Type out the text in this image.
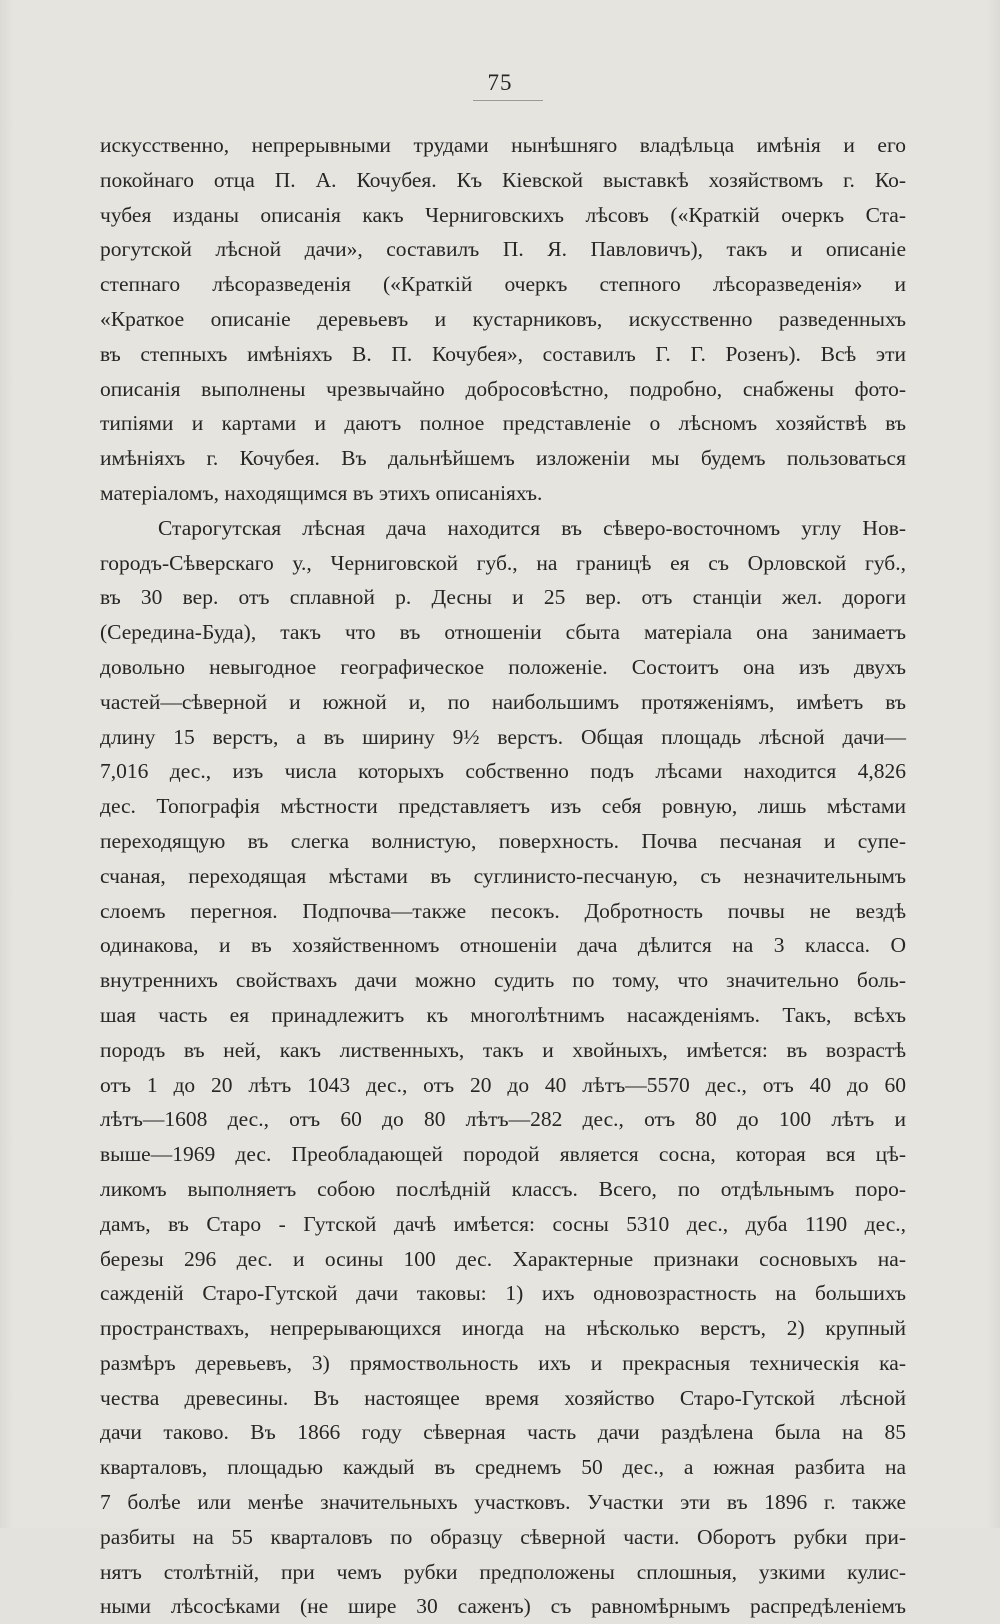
75
искусственно, непрерывными трудами нынѣшняго владѣльца имѣнія и его
покойнаго отца П. А. Кочубея. Къ Кіевской выставкѣ хозяйствомъ г. Ко-
чубея изданы описанія какъ Черниговскихъ лѣсовъ («Краткій очеркъ Ста-
рогутской лѣсной дачи», составилъ П. Я. Павловичъ), такъ и описаніе
степнаго лѣсоразведенія («Краткій очеркъ степного лѣсоразведенія» и
«Краткое описаніе деревьевъ и кустарниковъ, искусственно разведенныхъ
въ степныхъ имѣніяхъ В. П. Кочубея», составилъ Г. Г. Розенъ). Всѣ эти
описанія выполнены чрезвычайно добросовѣстно, подробно, снабжены фото-
типіями и картами и даютъ полное представленіе о лѣсномъ хозяйствѣ въ
имѣніяхъ г. Кочубея. Въ дальнѣйшемъ изложеніи мы будемъ пользоваться
матеріаломъ, находящимся въ этихъ описаніяхъ.
Старогутская лѣсная дача находится въ сѣверо-восточномъ углу Нов-
городъ-Сѣверскаго у., Черниговской губ., на границѣ ея съ Орловской губ.,
въ 30 вер. отъ сплавной р. Десны и 25 вер. отъ станціи жел. дороги
(Середина-Буда), такъ что въ отношеніи сбыта матеріала она занимаетъ
довольно невыгодное географическое положеніе. Состоитъ она изъ двухъ
частей—сѣверной и южной и, по наибольшимъ протяженіямъ, имѣетъ въ
длину 15 верстъ, а въ ширину 9½ верстъ. Общая площадь лѣсной дачи—
7,016 дес., изъ числа которыхъ собственно подъ лѣсами находится 4,826
дес. Топографія мѣстности представляетъ изъ себя ровную, лишь мѣстами
переходящую въ слегка волнистую, поверхность. Почва песчаная и супе-
счаная, переходящая мѣстами въ суглинисто-песчаную, съ незначительнымъ
слоемъ перегноя. Подпочва—также песокъ. Добротность почвы не вездѣ
одинакова, и въ хозяйственномъ отношеніи дача дѣлится на 3 класса. О
внутреннихъ свойствахъ дачи можно судить по тому, что значительно боль-
шая часть ея принадлежитъ къ многолѣтнимъ насажденіямъ. Такъ, всѣхъ
породъ въ ней, какъ лиственныхъ, такъ и хвойныхъ, имѣется: въ возрастѣ
отъ 1 до 20 лѣтъ 1043 дес., отъ 20 до 40 лѣтъ—5570 дес., отъ 40 до 60
лѣтъ—1608 дес., отъ 60 до 80 лѣтъ—282 дес., отъ 80 до 100 лѣтъ и
выше—1969 дес. Преобладающей породой является сосна, которая вся цѣ-
ликомъ выполняетъ собою послѣдній классъ. Всего, по отдѣльнымъ поро-
дамъ, въ Старо - Гутской дачѣ имѣется: сосны 5310 дес., дуба 1190 дес.,
березы 296 дес. и осины 100 дес. Характерные признаки сосновыхъ на-
сажденій Старо-Гутской дачи таковы: 1) ихъ одновозрастность на большихъ
пространствахъ, непрерывающихся иногда на нѣсколько верстъ, 2) крупный
размѣръ деревьевъ, 3) прямоствольность ихъ и прекрасныя техническія ка-
чества древесины. Въ настоящее время хозяйство Старо-Гутской лѣсной
дачи таково. Въ 1866 году сѣверная часть дачи раздѣлена была на 85
кварталовъ, площадью каждый въ среднемъ 50 дес., а южная разбита на
7 болѣе или менѣе значительныхъ участковъ. Участки эти въ 1896 г. также
разбиты на 55 кварталовъ по образцу сѣверной части. Оборотъ рубки при-
нятъ столѣтній, при чемъ рубки предположены сплошныя, узкими кулис-
ными лѣсосѣками (не шире 30 саженъ) съ равномѣрнымъ распредѣленіемъ
